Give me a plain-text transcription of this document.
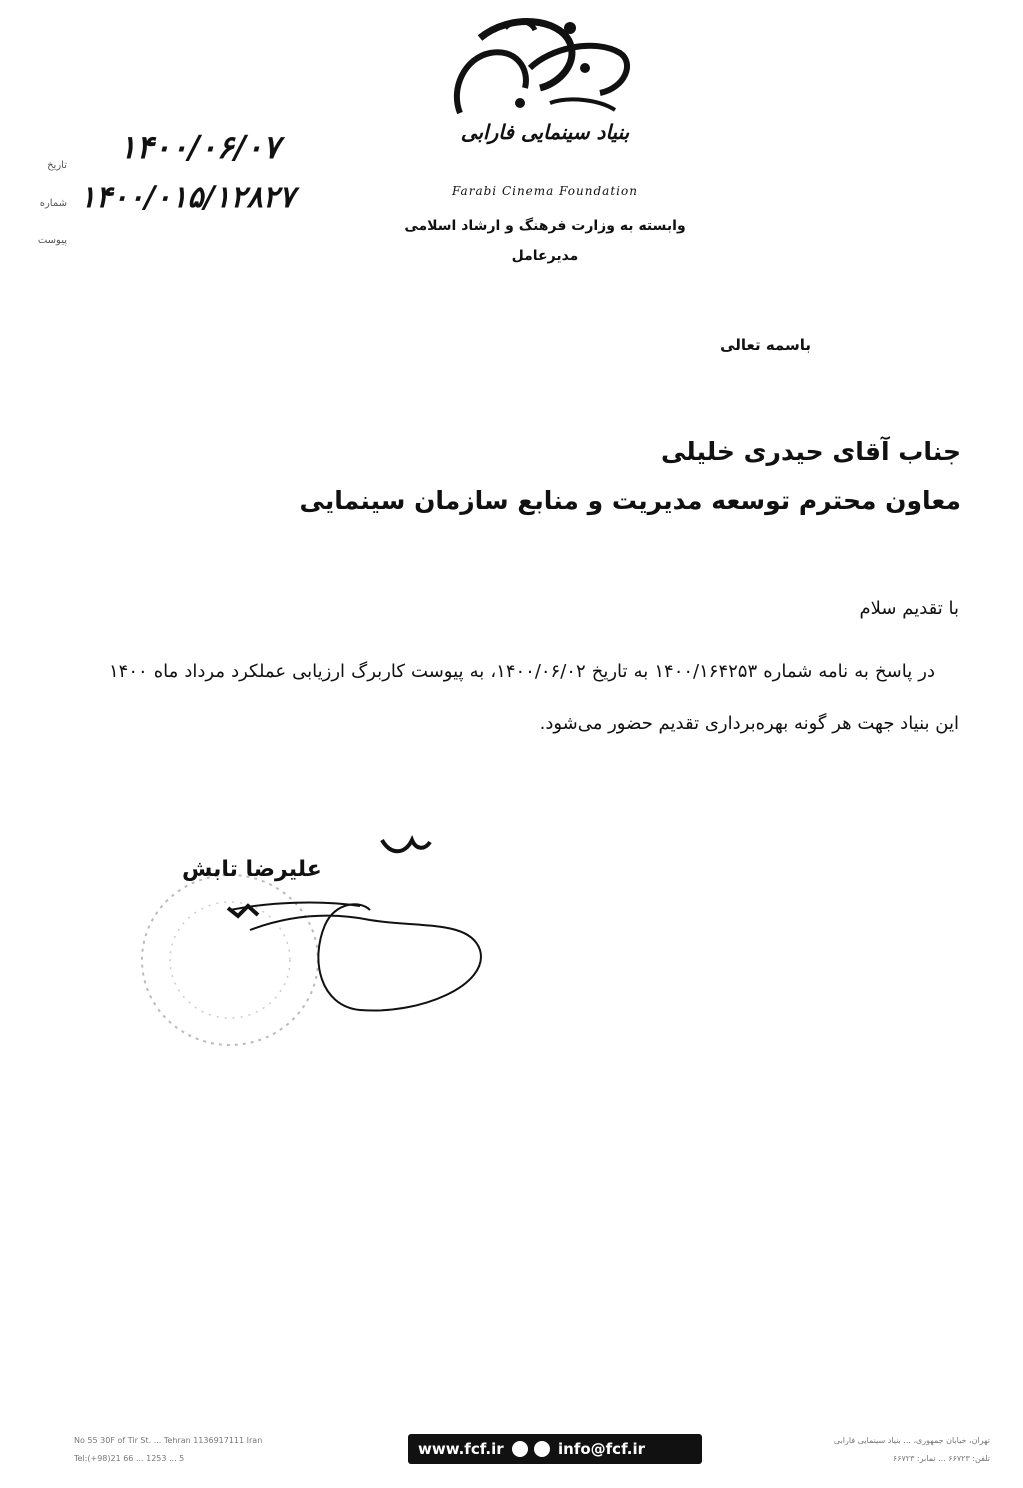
بنیاد سینمایی فارابی
Farabi Cinema Foundation
وابسته به وزارت فرهنگ و ارشاد اسلامی
مدیرعامل
۱۴۰۰/۰۶/۰۷
تاریخ
۱۴۰۰/۰۱۵/۱۲۸۲۷
شماره
پیوست
باسمه تعالی
جناب آقای حیدری خلیلی
معاون محترم توسعه مدیریت و منابع سازمان سینمایی
با تقدیم سلام
در پاسخ به نامه شماره ۱۴۰۰/۱۶۴۲۵۳ به تاریخ ۱۴۰۰/۰۶/۰۲، به پیوست کاربرگ ارزیابی عملکرد مرداد ماه ۱۴۰۰ این بنیاد جهت هر گونه بهره‌برداری تقدیم حضور می‌شود.
علیرضا تابش
No 55 30F of Tir St. ... Tehran 1136917111 Iran
Tel:(+98)21 66 ... 1253 ... 5
www.fcf.ir	info@fcf.ir	تهران، خیابان جمهوری، ... بنیاد سینمایی فارابی
تلفن: ۶۶۷۲۳ ... نمابر: ۶۶۷۲۳
